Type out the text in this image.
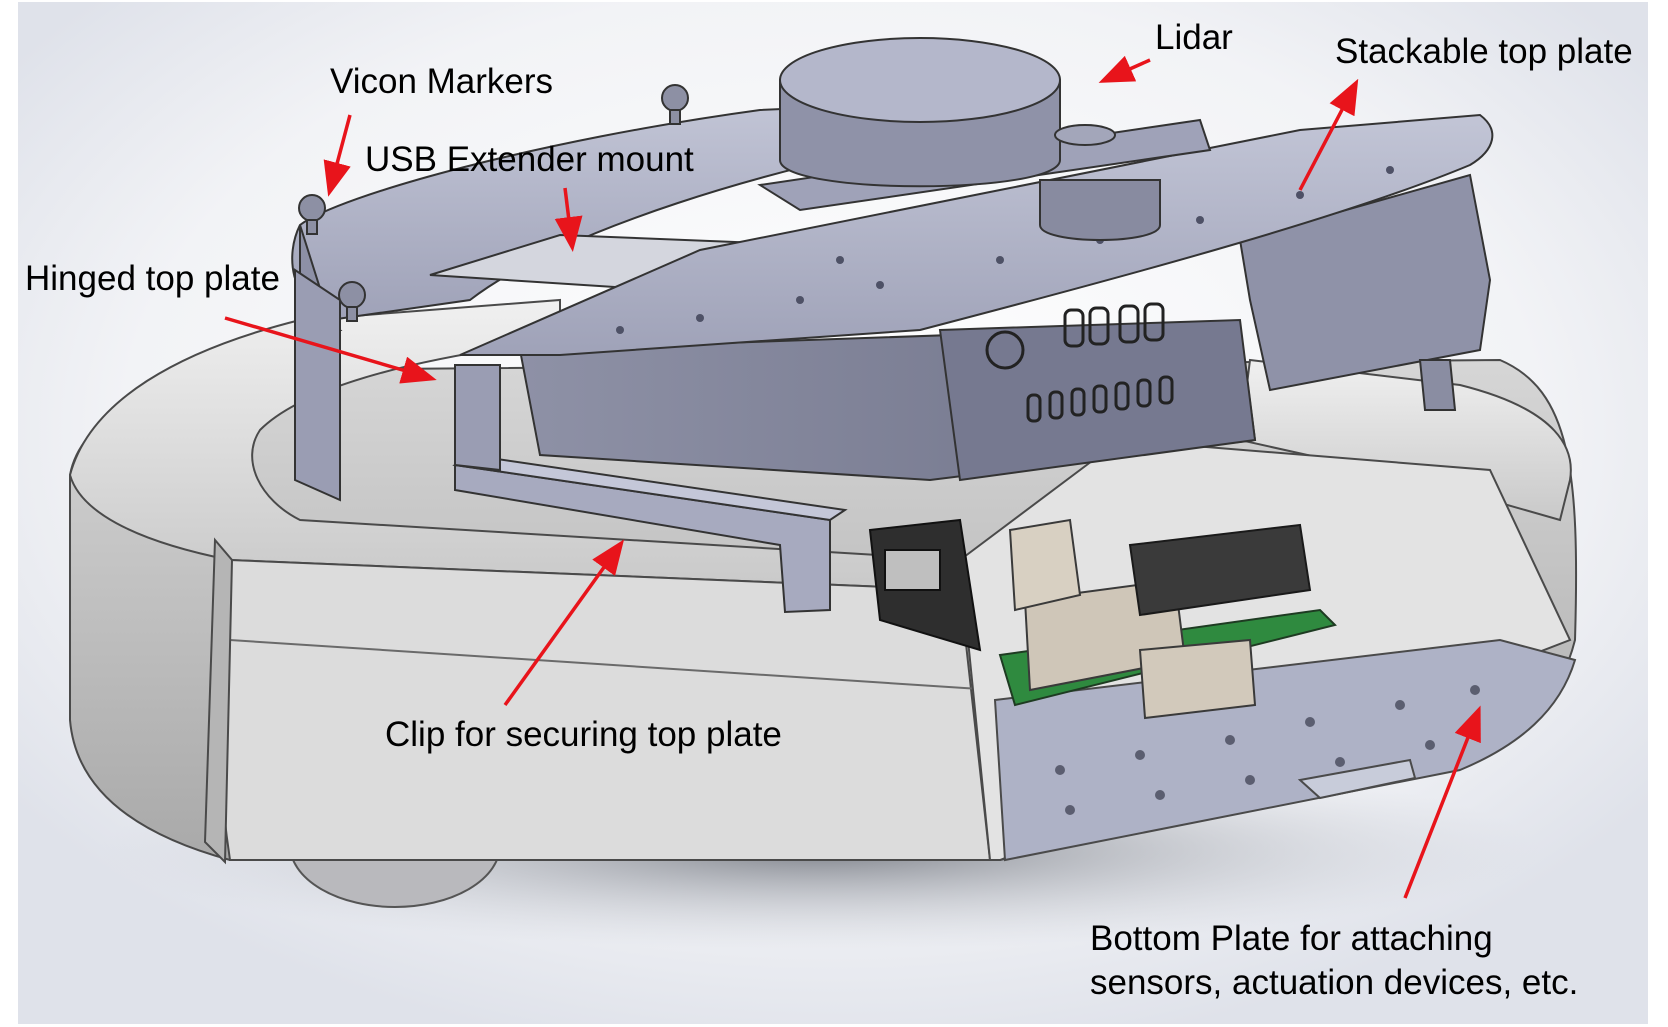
Lidar	Stackable top plate
Vicon Markers
USB Extender mount
Hinged top plate
Clip for securing top plate
Bottom Plate for attaching
sensors, actuation devices, etc.
